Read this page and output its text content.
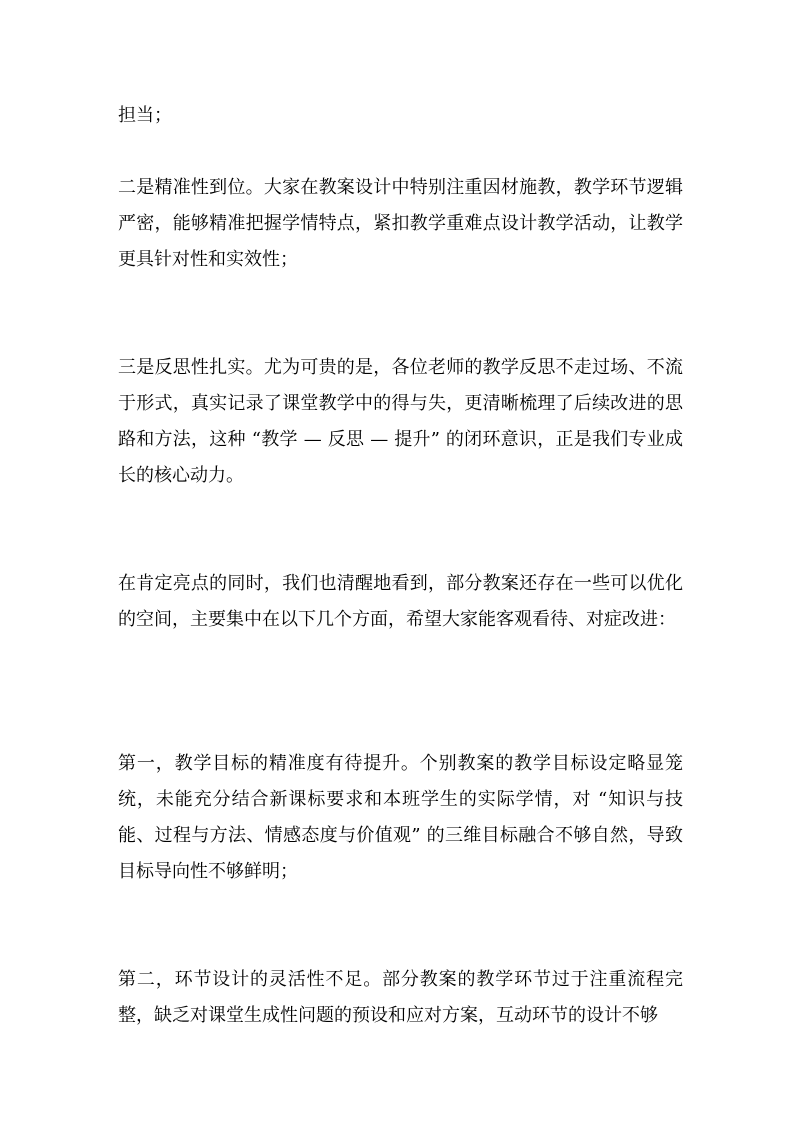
担当；

二是精准性到位。大家在教案设计中特别注重因材施教，教学环节逻辑严密，能够精准把握学情特点，紧扣教学重难点设计教学活动，让教学更具针对性和实效性；

三是反思性扎实。尤为可贵的是，各位老师的教学反思不走过场、不流于形式，真实记录了课堂教学中的得与失，更清晰梳理了后续改进的思路和方法，这种 “教学 — 反思 — 提升” 的闭环意识，正是我们专业成长的核心动力。

在肯定亮点的同时，我们也清醒地看到，部分教案还存在一些可以优化的空间，主要集中在以下几个方面，希望大家能客观看待、对症改进：

第一，教学目标的精准度有待提升。个别教案的教学目标设定略显笼统，未能充分结合新课标要求和本班学生的实际学情，对 “知识与技能、过程与方法、情感态度与价值观” 的三维目标融合不够自然，导致目标导向性不够鲜明；

第二，环节设计的灵活性不足。部分教案的教学环节过于注重流程完整，缺乏对课堂生成性问题的预设和应对方案，互动环节的设计不够
